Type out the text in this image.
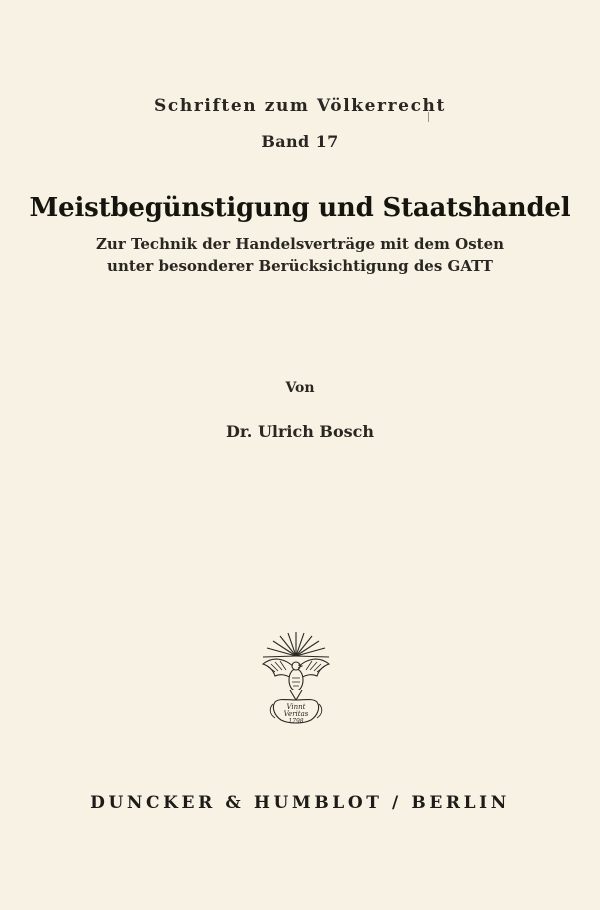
Schriften zum Völkerrecht
Band 17
Meistbegünstigung und Staatshandel
Zur Technik der Handelsverträge mit dem Osten
unter besonderer Berücksichtigung des GATT
Von
Dr. Ulrich Bosch
Vinnt
Veritas
1798
DUNCKER & HUMBLOT / BERLIN
